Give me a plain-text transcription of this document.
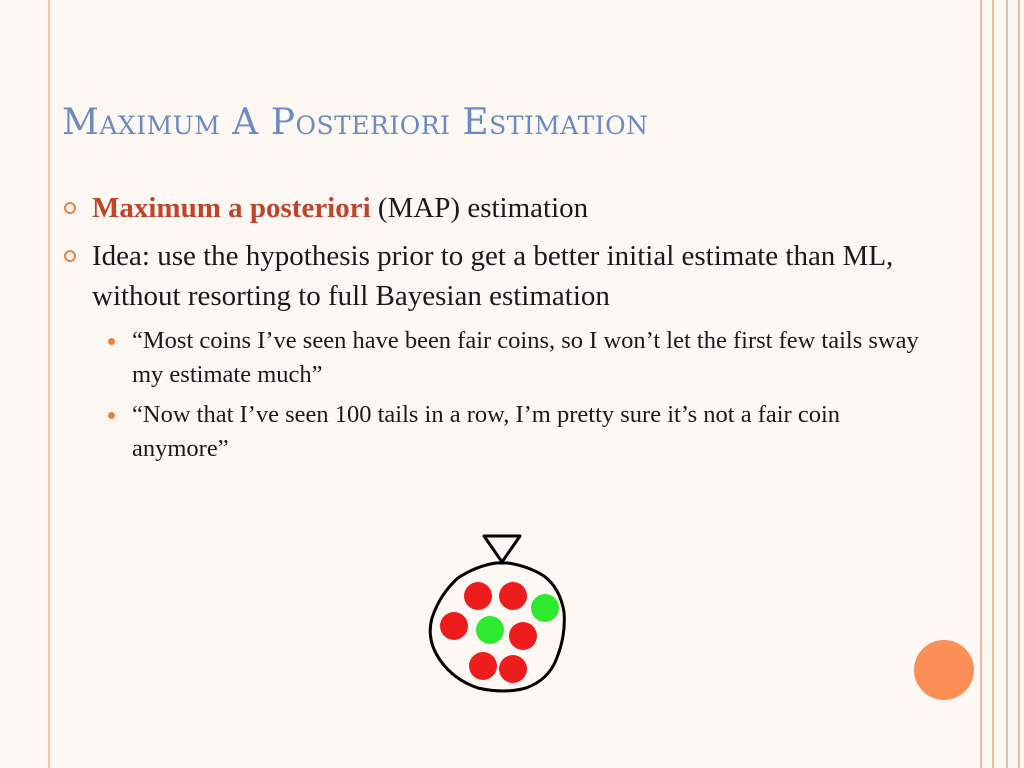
Maximum A Posteriori Estimation
Maximum a posteriori (MAP) estimation
Idea: use the hypothesis prior to get a better initial estimate than ML, without resorting to full Bayesian estimation
“Most coins I’ve seen have been fair coins, so I won’t let the first few tails sway my estimate much”
“Now that I’ve seen 100 tails in a row, I’m pretty sure it’s not a fair coin anymore”
